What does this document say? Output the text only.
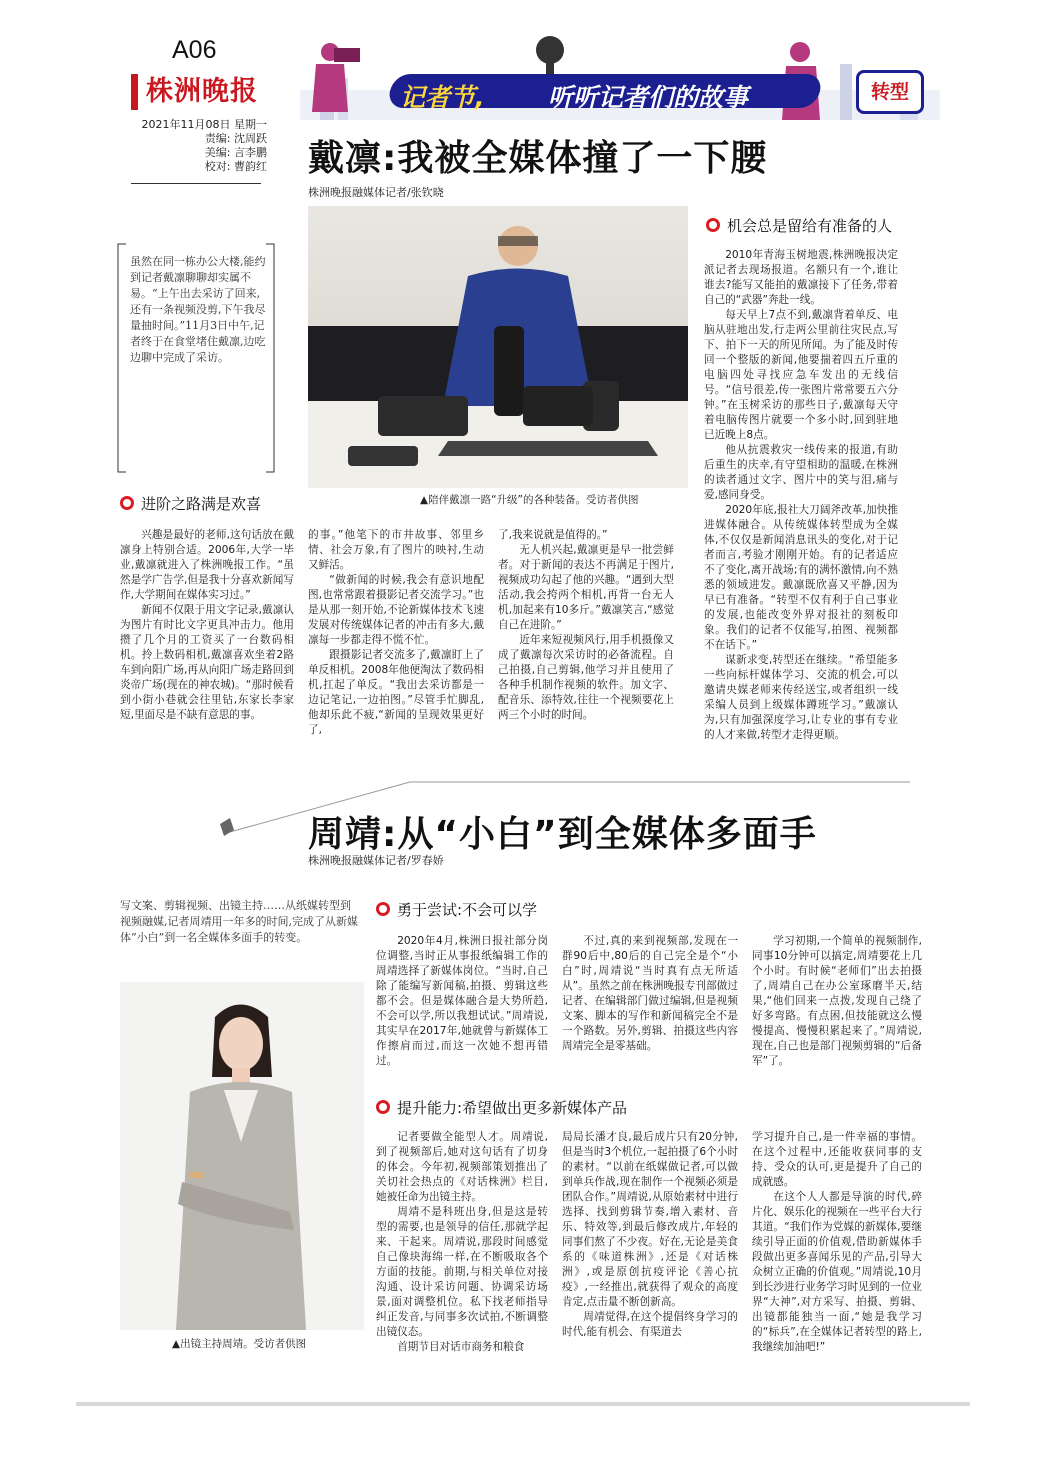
A06
株洲晚报
2021年11月08日 星期一
责编: 沈周跃
美编: 言李鹏
校对: 曹韵红
记者节,	听听记者们的故事	转型
戴凛:我被全媒体撞了一下腰
株洲晚报融媒体记者/张钦晓
虽然在同一栋办公大楼,能约到记者戴凛聊聊却实属不易。“上午出去采访了回来,还有一条视频没剪,下午我尽量抽时间。”11月3日中午,记者终于在食堂堵住戴凛,边吃边聊中完成了采访。
▲陪伴戴凛一路“升级”的各种装备。受访者供图
进阶之路满是欢喜
机会总是留给有准备的人

兴趣是最好的老师,这句话放在戴凛身上特别合适。2006年,大学一毕业,戴凛就进入了株洲晚报工作。“虽然是学广告学,但是我十分喜欢新闻写作,大学期间在媒体实习过。”

新闻不仅限于用文字记录,戴凛认为图片有时比文字更具冲击力。他用攒了几个月的工资买了一台数码相机。拎上数码相机,戴凛喜欢坐着2路车到向阳广场,再从向阳广场走路回到炎帝广场(现在的神农城)。“那时候看到小街小巷就会往里钻,东家长李家短,里面尽是不缺有意思的事。

的事。”他笔下的市井故事、邻里乡情、社会万象,有了图片的映衬,生动又鲜活。

“做新闻的时候,我会有意识地配图,也常常跟着摄影记者交流学习。”也是从那一刻开始,不论新媒体技术飞速发展对传统媒体记者的冲击有多大,戴凛每一步都走得不慌不忙。

跟摄影记者交流多了,戴凛盯上了单反相机。2008年他便淘汰了数码相机,扛起了单反。“我出去采访都是一边记笔记,一边拍图。”尽管手忙脚乱,他却乐此不疲,“新闻的呈现效果更好了,

了,我来说就是值得的。”

无人机兴起,戴凛更是早一批尝鲜者。对于新闻的表达不再满足于图片,视频成功勾起了他的兴趣。“遇到大型活动,我会挎两个相机,再背一台无人机,加起来有10多斤。”戴凛笑言,“感觉自己在进阶。”

近年来短视频风行,用手机摄像又成了戴凛每次采访时的必备流程。自己拍摄,自己剪辑,他学习并且使用了各种手机制作视频的软件。加文字、配音乐、添特效,往往一个视频要花上两三个小时的时间。

2010年青海玉树地震,株洲晚报决定派记者去现场报道。名额只有一个,谁让谁去?能写又能拍的戴凛接下了任务,带着自己的“武器”奔赴一线。

每天早上7点不到,戴凛背着单反、电脑从驻地出发,行走两公里前往灾民点,写下、拍下一天的所见所闻。为了能及时传回一个整版的新闻,他要揣着四五斤重的电脑四处寻找应急车发出的无线信号。“信号很差,传一张图片常常要五六分钟。”在玉树采访的那些日子,戴凛每天守着电脑传图片就要一个多小时,回到驻地已近晚上8点。

他从抗震救灾一线传来的报道,有助后重生的庆幸,有守望相助的温暖,在株洲的读者通过文字、图片中的笑与泪,痛与爱,感同身受。

2020年底,报社大刀阔斧改革,加快推进媒体融合。从传统媒体转型成为全媒体,不仅仅是新闻消息讯头的变化,对于记者而言,考验才刚刚开始。有的记者适应不了变化,离开战场;有的满怀激情,向不熟悉的领域进发。戴凛既欣喜又平静,因为早已有准备。“转型不仅有利于自己事业的发展,也能改变外界对报社的刻板印象。我们的记者不仅能写,拍图、视频都不在话下。”

谋新求变,转型还在继续。“希望能多一些向标杆媒体学习、交流的机会,可以邀请央媒老师来传经送宝,或者组织一线采编人员到上级媒体蹲班学习。”戴凛认为,只有加强深度学习,让专业的事有专业的人才来做,转型才走得更顺。

周靖:从“小白”到全媒体多面手
株洲晚报融媒体记者/罗春娇
写文案、剪辑视频、出镜主持……从纸媒转型到视频融媒,记者周靖用一年多的时间,完成了从新媒体“小白”到一名全媒体多面手的转变。
▲出镜主持周靖。受访者供图
勇于尝试:不会可以学

2020年4月,株洲日报社部分岗位调整,当时正从事报纸编辑工作的周靖选择了新媒体岗位。“当时,自己除了能编写新闻稿,拍摄、剪辑这些都不会。但是媒体融合是大势所趋,不会可以学,所以我想试试。”周靖说,其实早在2017年,她就曾与新媒体工作擦肩而过,而这一次她不想再错过。

不过,真的来到视频部,发现在一群90后中,80后的自己完全是个“小白”时,周靖说“当时真有点无所适从”。虽然之前在株洲晚报专刊部做过记者、在编辑部门做过编辑,但是视频文案、脚本的写作和新闻稿完全不是一个路数。另外,剪辑、拍摄这些内容周靖完全是零基础。

学习初期,一个简单的视频制作,同事10分钟可以搞定,周靖要花上几个小时。有时候“老师们”出去拍摄了,周靖自己在办公室琢磨半天,结果,“他们回来一点拨,发现自己绕了好多弯路。有点困,但技能就这么慢慢提高、慢慢积累起来了。”周靖说,现在,自己也是部门视频剪辑的“后备军”了。

提升能力:希望做出更多新媒体产品

记者要做全能型人才。周靖说,到了视频部后,她对这句话有了切身的体会。今年初,视频部策划推出了关切社会热点的《对话株洲》栏目,她被任命为出镜主持。

周靖不是科班出身,但是这是转型的需要,也是领导的信任,那就学起来、干起来。周靖说,那段时间感觉自己像块海绵一样,在不断吸取各个方面的技能。前期,与相关单位对接沟通、设计采访问题、协调采访场景,面对调整机位。私下找老师指导纠正发音,与同事多次试拍,不断调整出镜仪态。

首期节目对话市商务和粮食

局局长潘才良,最后成片只有20分钟,但是当时3个机位,一起拍摄了6个小时的素材。“以前在纸媒做记者,可以做到单兵作战,现在制作一个视频必须是团队合作。”周靖说,从原始素材中进行选择、找到剪辑节奏,增入素材、音乐、特效等,到最后修改成片,年轻的同事们熬了不少夜。好在,无论是美食系的《味道株洲》,还是《对话株洲》,或是原创抗疫评论《善心抗疫》,一经推出,就获得了观众的高度肯定,点击量不断创新高。

周靖觉得,在这个提倡终身学习的时代,能有机会、有渠道去

学习提升自己,是一件幸福的事情。在这个过程中,还能收获同事的支持、受众的认可,更是提升了自己的成就感。

在这个人人都是导演的时代,碎片化、娱乐化的视频在一些平台大行其道。“我们作为党媒的新媒体,要继续引导正面的价值观,借助新媒体手段做出更多喜闻乐见的产品,引导大众树立正确的价值观。”周靖说,10月到长沙进行业务学习时见到的一位业界“大神”,对方采写、拍摄、剪辑、出镜都能独当一面,“她是我学习的“标兵”,在全媒体记者转型的路上,我继续加油吧!”
